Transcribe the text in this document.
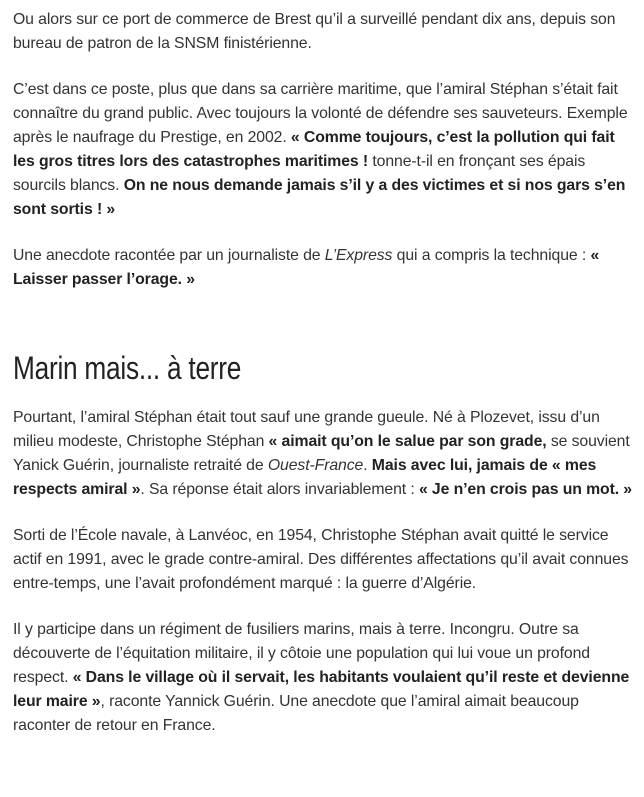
Ou alors sur ce port de commerce de Brest qu’il a surveillé pendant dix ans, depuis son bureau de patron de la SNSM finistérienne.

C’est dans ce poste, plus que dans sa carrière maritime, que l’amiral Stéphan s’était fait connaître du grand public. Avec toujours la volonté de défendre ses sauveteurs. Exemple après le naufrage du Prestige, en 2002. « Comme toujours, c’est la pollution qui fait les gros titres lors des catastrophes maritimes ! tonne-t-il en fronçant ses épais sourcils blancs. On ne nous demande jamais s’il y a des victimes et si nos gars s’en sont sortis ! »

Une anecdote racontée par un journaliste de L’Express qui a compris la technique : « Laisser passer l’orage. »

Marin mais... à terre

Pourtant, l’amiral Stéphan était tout sauf une grande gueule. Né à Plozevet, issu d’un milieu modeste, Christophe Stéphan « aimait qu’on le salue par son grade, se souvient Yanick Guérin, journaliste retraité de Ouest-France. Mais avec lui, jamais de « mes respects amiral ». Sa réponse était alors invariablement : « Je n’en crois pas un mot. »

Sorti de l’École navale, à Lanvéoc, en 1954, Christophe Stéphan avait quitté le service actif en 1991, avec le grade contre-amiral. Des différentes affectations qu’il avait connues entre-temps, une l’avait profondément marqué : la guerre d’Algérie.

Il y participe dans un régiment de fusiliers marins, mais à terre. Incongru. Outre sa découverte de l’équitation militaire, il y côtoie une population qui lui voue un profond respect. « Dans le village où il servait, les habitants voulaient qu’il reste et devienne leur maire », raconte Yannick Guérin. Une anecdote que l’amiral aimait beaucoup raconter de retour en France.
